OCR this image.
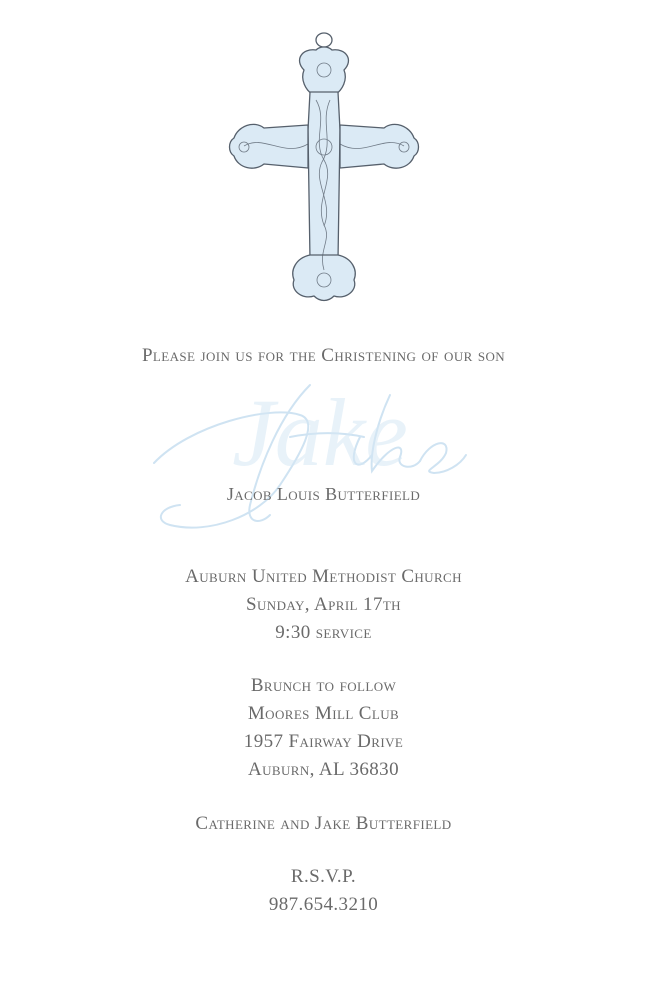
Please join us for the Christening of our son
Jake
Jacob Louis Butterfield
Auburn United Methodist Church
Sunday, April 17th
9:30 service
Brunch to follow
Moores Mill Club
1957 Fairway Drive
Auburn, AL 36830
Catherine and Jake Butterfield
R.S.V.P.
987.654.3210
